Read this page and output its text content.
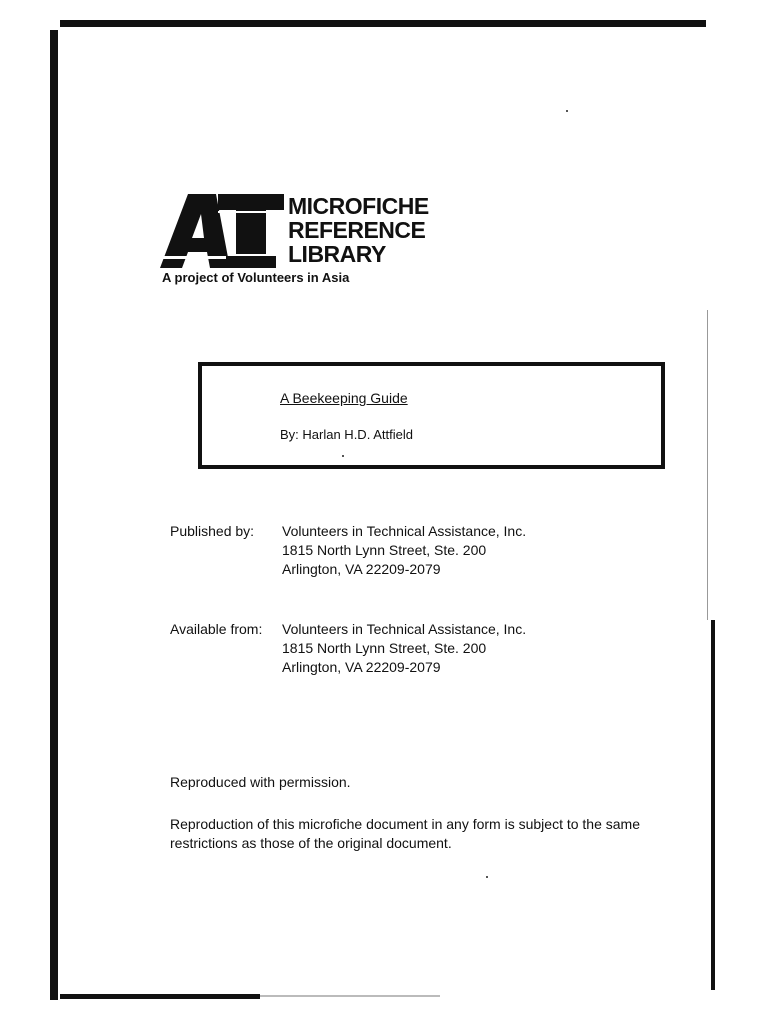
AT
MICROFICHE
REFERENCE
LIBRARY
A project of Volunteers in Asia
A Beekeeping Guide
By: Harlan H.D. Attfield
Published by: Volunteers in Technical Assistance, Inc.
1815 North Lynn Street, Ste. 200
Arlington, VA 22209-2079
Available from: Volunteers in Technical Assistance, Inc.
1815 North Lynn Street, Ste. 200
Arlington, VA 22209-2079
Reproduced with permission.
Reproduction of this microfiche document in any form is subject to the same restrictions as those of the original document.
